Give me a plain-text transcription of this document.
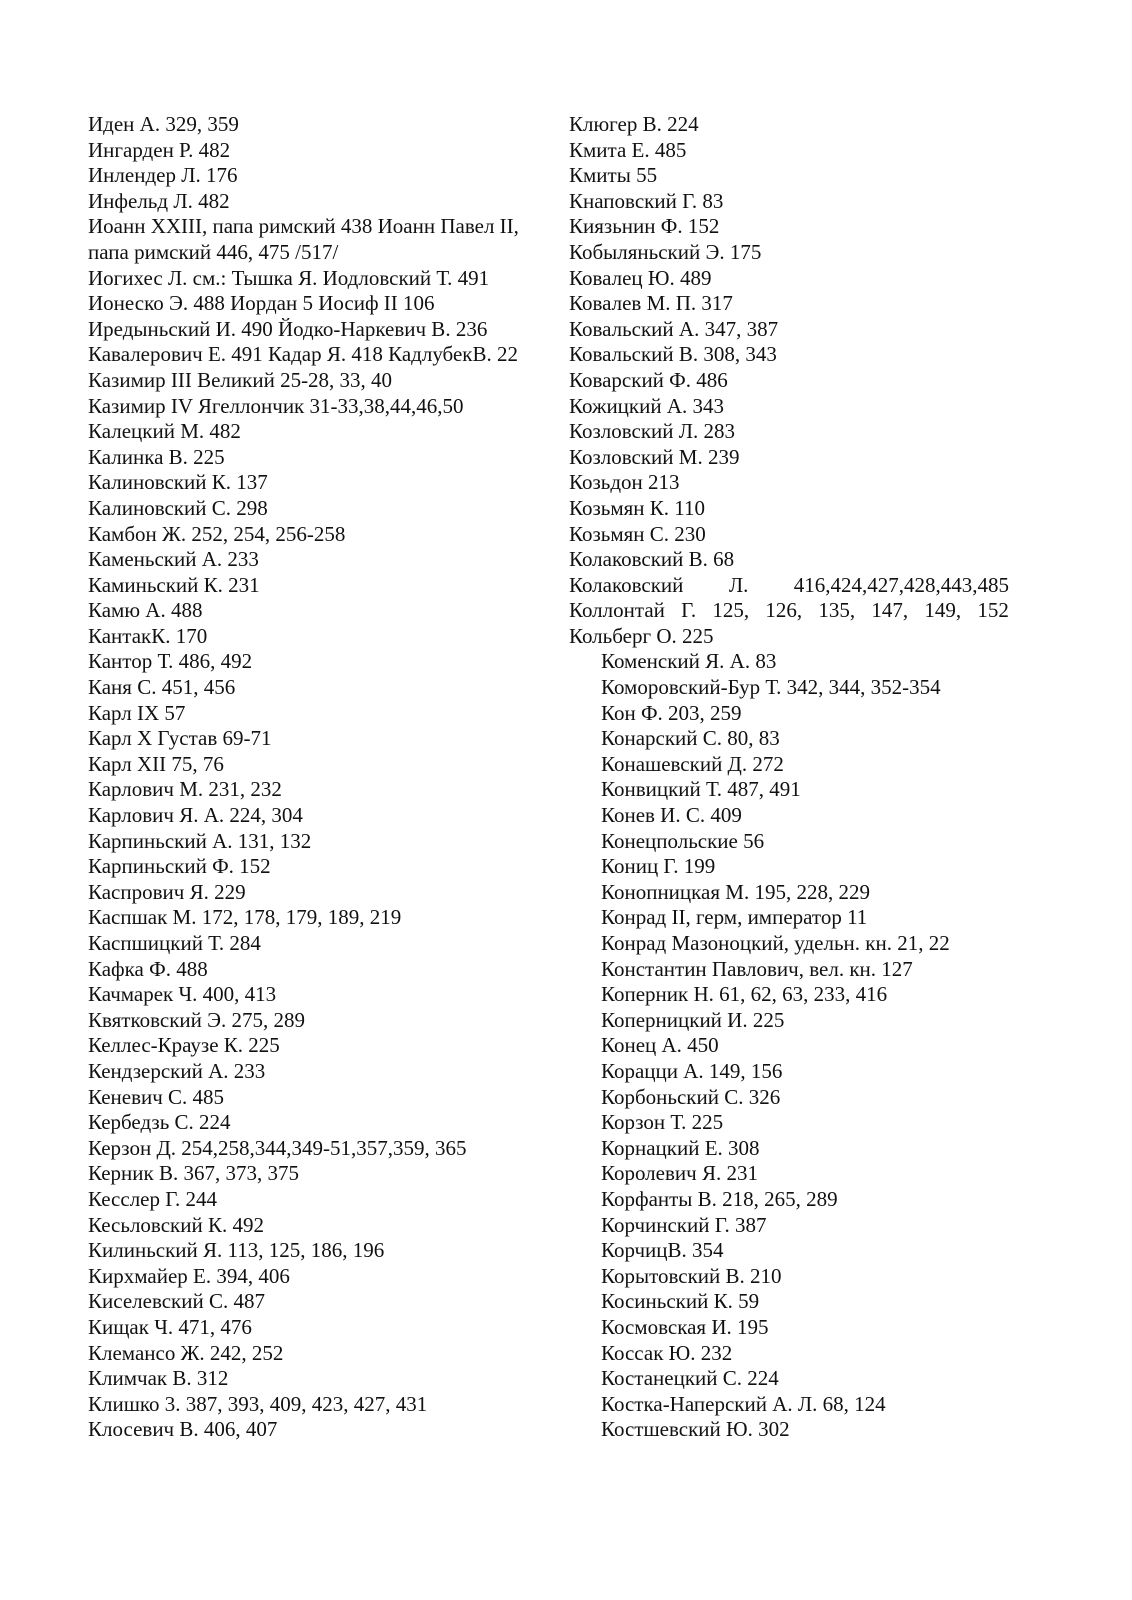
Иден А. 329, 359
Ингарден Р. 482
Инлендер Л. 176
Инфельд Л. 482
Иоанн XXIII, папа римский 438 Иоанн Павел II,
папа римский 446, 475 /517/
Иогихес Л. см.: Тышка Я. Иодловский Т. 491
Ионеско Э. 488 Иордан 5 Иосиф II 106
Иредыньский И. 490 Йодко-Наркевич В. 236
Кавалерович Е. 491 Кадар Я. 418 КадлубекВ. 22
Казимир III Великий 25-28, 33, 40
Казимир IV Ягеллончик 31-33,38,44,46,50
Калецкий М. 482
Калинка В. 225
Калиновский К. 137
Калиновский С. 298
Камбон Ж. 252, 254, 256-258
Каменьский А. 233
Каминьский К. 231
Камю А. 488
КантакК. 170
Кантор Т. 486, 492
Каня С. 451, 456
Карл IX 57
Карл X Густав 69-71
Карл XII 75, 76
Карлович М. 231, 232
Карлович Я. А. 224, 304
Карпиньский А. 131, 132
Карпиньский Ф. 152
Каспрович Я. 229
Каспшак М. 172, 178, 179, 189, 219
Каспшицкий Т. 284
Кафка Ф. 488
Качмарек Ч. 400, 413
Квятковский Э. 275, 289
Келлес-Краузе К. 225
Кендзерский А. 233
Кеневич С. 485
Кербедзь С. 224
Керзон Д. 254,258,344,349-51,357,359, 365
Керник В. 367, 373, 375
Кесслер Г. 244
Кесьловский К. 492
Килиньский Я. 113, 125, 186, 196
Кирхмайер Е. 394, 406
Киселевский С. 487
Кищак Ч. 471, 476
Клемансо Ж. 242, 252
Климчак В. 312
Клишко 3. 387, 393, 409, 423, 427, 431
Клосевич В. 406, 407
Клюгер В. 224
Кмита Е. 485
Кмиты 55
Кнаповский Г. 83
Киязьнин Ф. 152
Кобыляньский Э. 175
Ковалец Ю. 489
Ковалев М. П. 317
Ковальский А. 347, 387
Ковальский В. 308, 343
Коварский Ф. 486
Кожицкий А. 343
Козловский Л. 283
Козловский М. 239
Козьдон 213
Козьмян К. 110
Козьмян С. 230
Колаковский В. 68
Колаковский Л. 416,424,427,428,443,485
Коллонтай Г. 125, 126, 135, 147, 149, 152
Кольберг О. 225
Коменский Я. А. 83
Коморовский-Бур Т. 342, 344, 352-354
Кон Ф. 203, 259
Конарский С. 80, 83
Конашевский Д. 272
Конвицкий Т. 487, 491
Конев И. С. 409
Конецпольские 56
Кониц Г. 199
Конопницкая М. 195, 228, 229
Конрад II, герм, император 11
Конрад Мазоноцкий, удельн. кн. 21, 22
Константин Павлович, вел. кн. 127
Коперник Н. 61, 62, 63, 233, 416
Коперницкий И. 225
Конец А. 450
Корацци А. 149, 156
Корбоньский С. 326
Корзон Т. 225
Корнацкий Е. 308
Королевич Я. 231
Корфанты В. 218, 265, 289
Корчинский Г. 387
КорчицВ. 354
Корытовский В. 210
Косиньский К. 59
Космовская И. 195
Коссак Ю. 232
Костанецкий С. 224
Костка-Наперский А. Л. 68, 124
Костшевский Ю. 302
